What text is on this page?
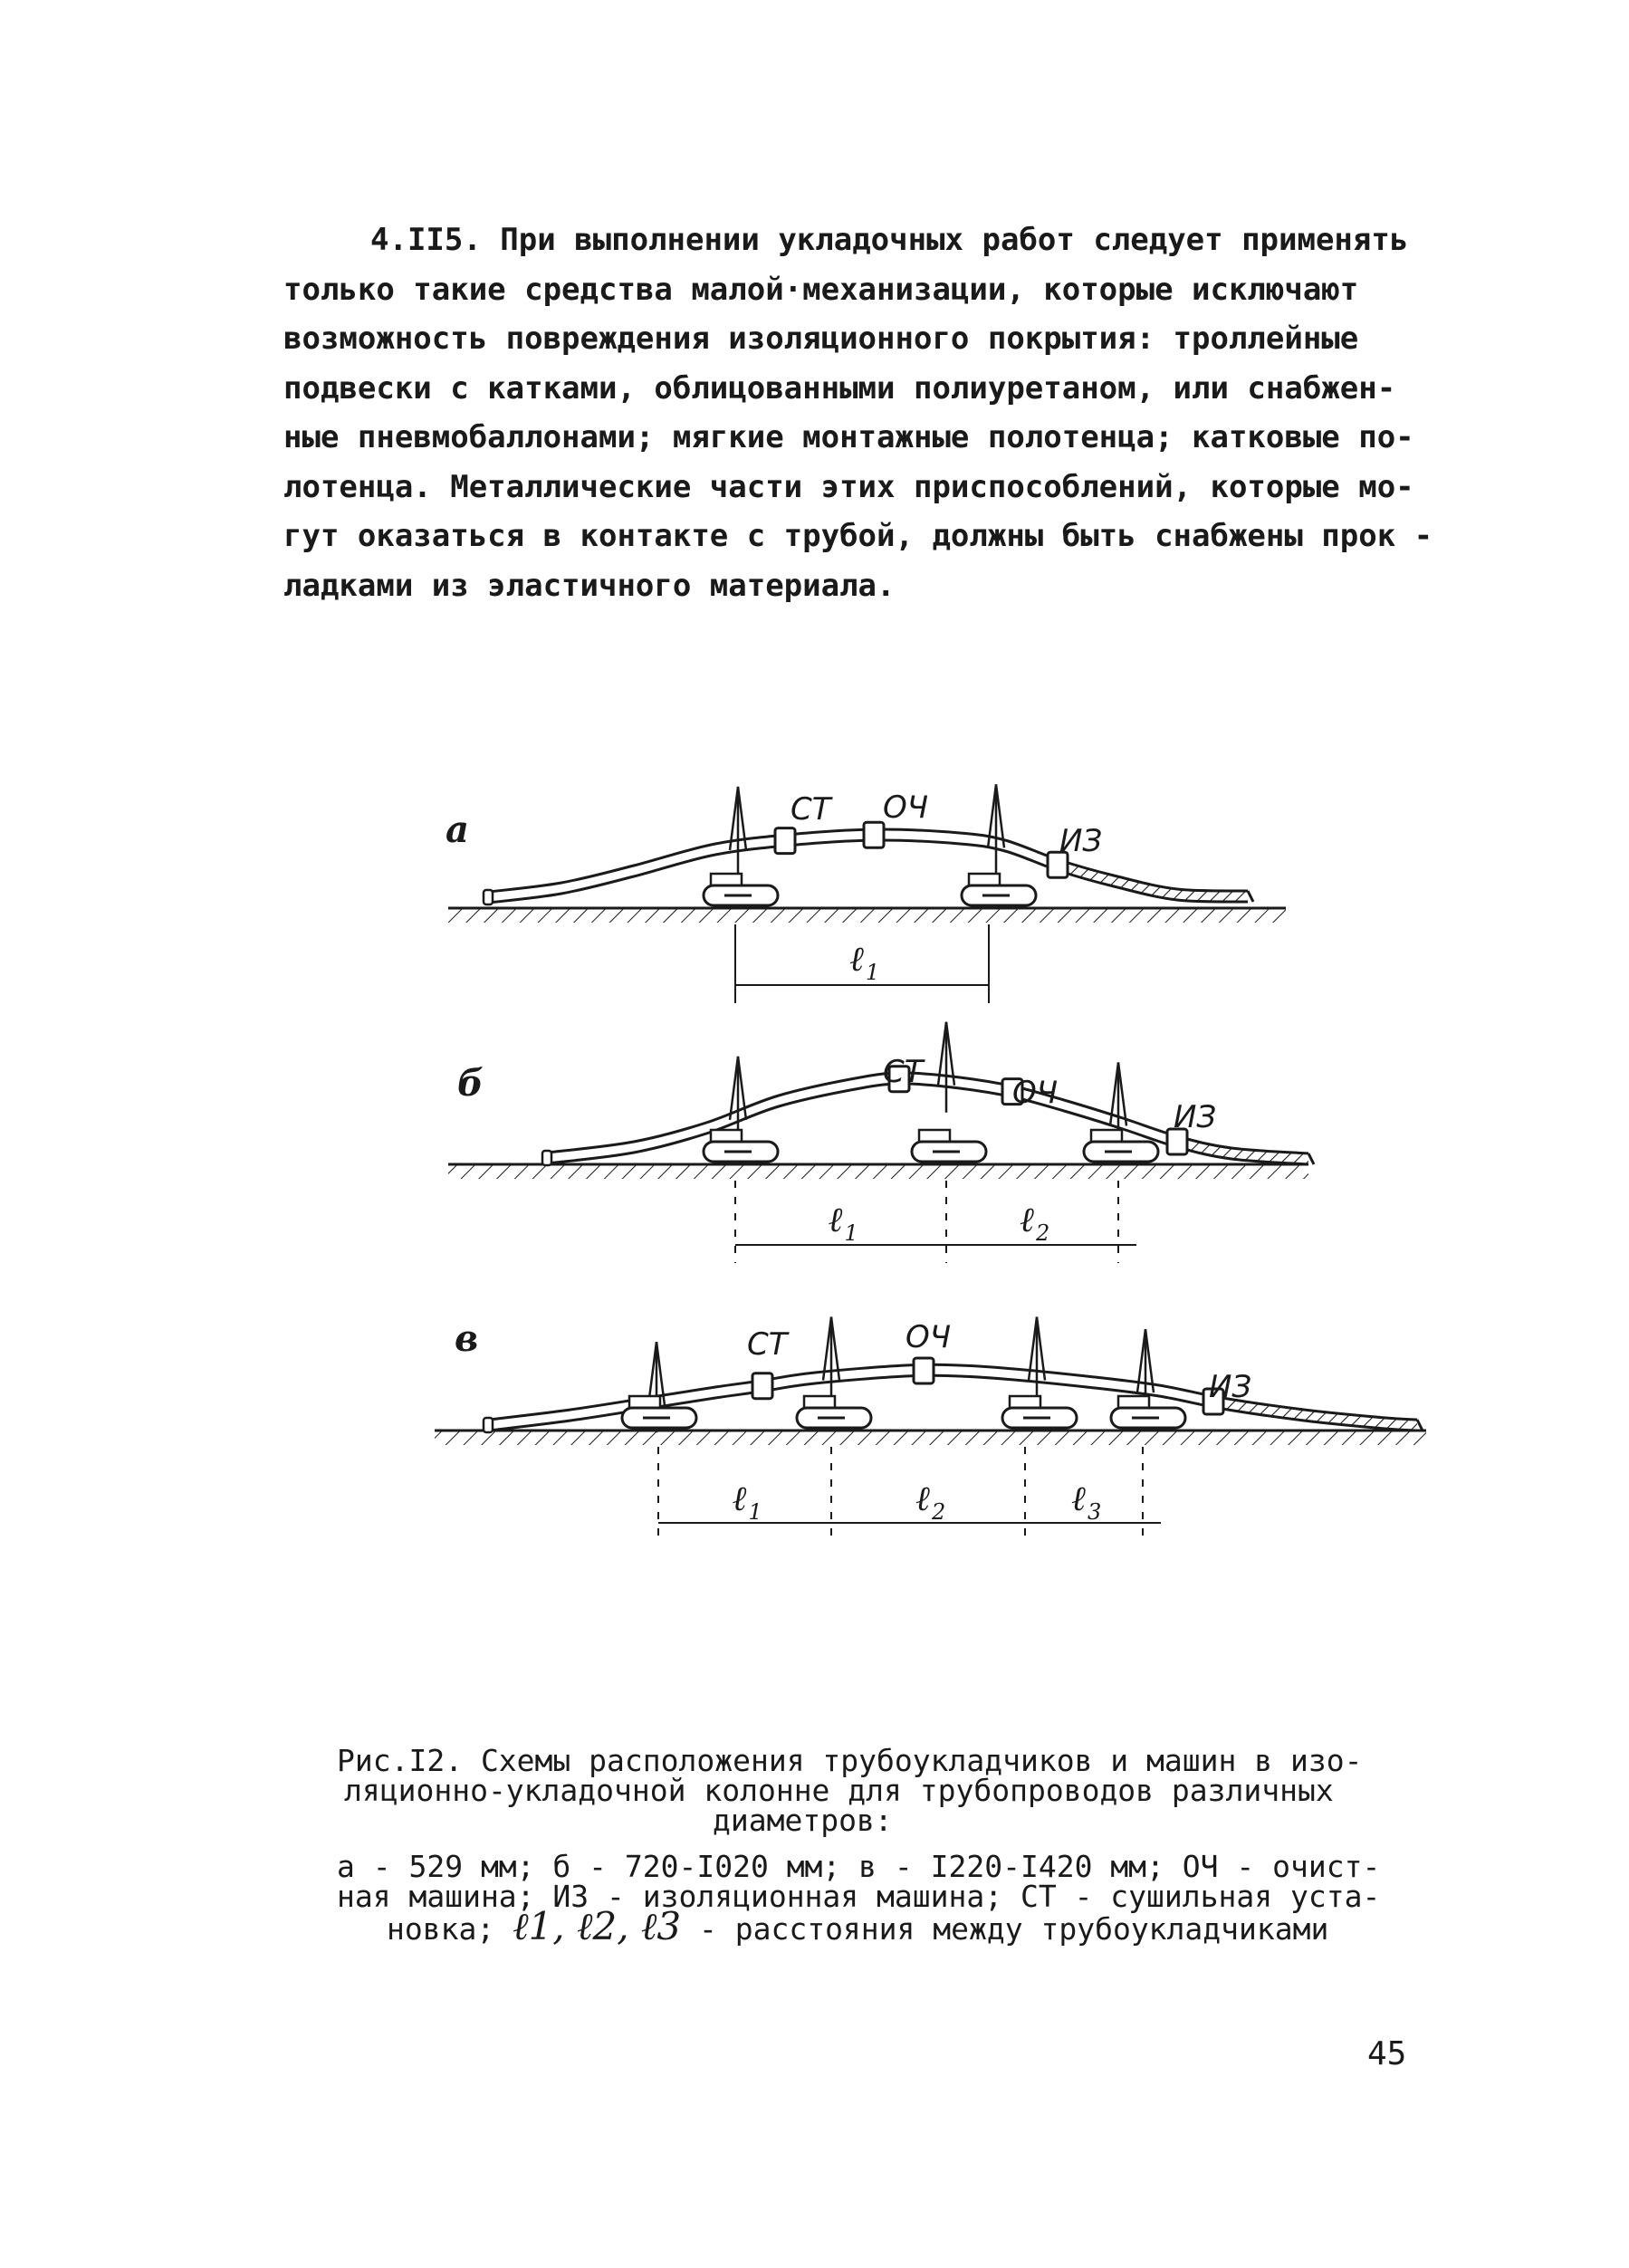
4.II5. При выполнении укладочных работ следует применять
только такие средства малой·механизации, которые исключают
возможность повреждения изоляционного покрытия: троллейные
подвески с катками, облицованными полиуретаном, или снабжен-
ные пневмобаллонами; мягкие монтажные полотенца; катковые по-
лотенца. Металлические части этих приспособлений, которые мо-
гут оказаться в контакте с трубой, должны быть снабжены прок -
ладками из эластичного материала.
а	СТ ОЧ
ИЗ
ℓ 1
б	СТ
ОЧ
ИЗ
ℓ 1	ℓ 2
в	СТ	ОЧ
ИЗ
ℓ 1	ℓ 2	ℓ 3
Рис.I2. Схемы расположения трубоукладчиков и машин в изо-
ляционно-укладочной колонне для трубопроводов различных
диаметров:
а - 529 мм; б - 720-I020 мм; в - I220-I420 мм; ОЧ - очист-
ная машина; ИЗ - изоляционная машина; СТ - сушильная уста-
новка; ℓ1, ℓ2, ℓ3 - расстояния между трубоукладчиками
45
